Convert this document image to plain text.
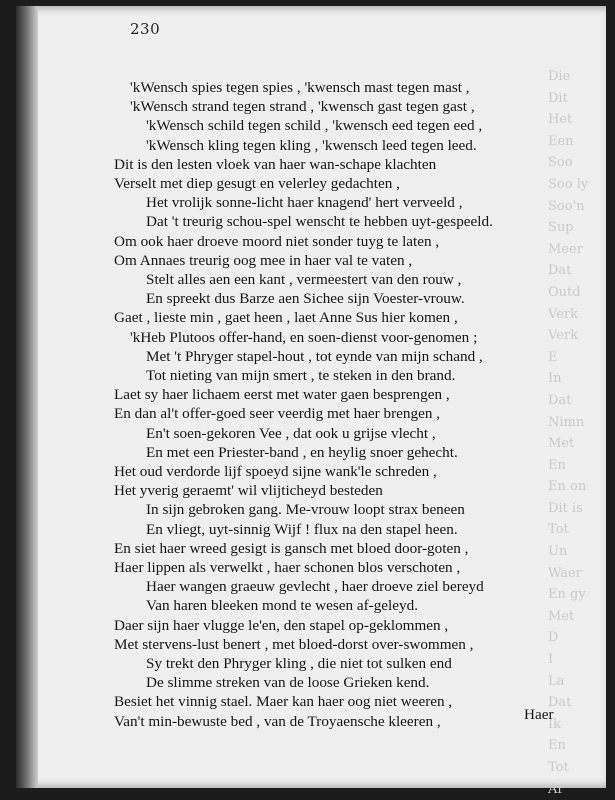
Die
Dit
Het
Een
Soo
Soo ly
Soo'n
Sup
Meer
Dat
Outd
Verk
Verk
E
In
Dat
Nimn
Met
En
En on
Dit is
Tot
Un
Waer
En gy
Met
D
I
La
Dat
Ik
En
Tot
Ar
230
'kWensch spies tegen spies , 'kwensch mast tegen mast ,
'kWensch strand tegen strand , 'kwensch gast tegen gast ,
'kWensch schild tegen schild , 'kwensch eed tegen eed ,
'kWensch kling tegen kling , 'kwensch leed tegen leed.
Dit is den lesten vloek van haer wan-schape klachten
Verselt met diep gesugt en velerley gedachten ,
Het vrolijk sonne-licht haer knagend' hert verveeld ,
Dat 't treurig schou-spel wenscht te hebben uyt-gespeeld.
Om ook haer droeve moord niet sonder tuyg te laten ,
Om Annaes treurig oog mee in haer val te vaten ,
Stelt alles aen een kant , vermeestert van den rouw ,
En spreekt dus Barze aen Sichee sijn Voester-vrouw.
Gaet , lieste min , gaet heen , laet Anne Sus hier komen ,
'kHeb Plutoos offer-hand, en soen-dienst voor-genomen ;
Met 't Phryger stapel-hout , tot eynde van mijn schand ,
Tot nieting van mijn smert , te steken in den brand.
Laet sy haer lichaem eerst met water gaen besprengen ,
En dan al't offer-goed seer veerdig met haer brengen ,
En't soen-gekoren Vee , dat ook u grijse vlecht ,
En met een Priester-band , en heylig snoer gehecht.
Het oud verdorde lijf spoeyd sijne wank'le schreden ,
Het yverig geraemt' wil vlijticheyd besteden
In sijn gebroken gang. Me-vrouw loopt strax beneen
En vliegt, uyt-sinnig Wijf ! flux na den stapel heen.
En siet haer wreed gesigt is gansch met bloed door-goten ,
Haer lippen als verwelkt , haer schonen blos verschoten ,
Haer wangen graeuw gevlecht , haer droeve ziel bereyd
Van haren bleeken mond te wesen af-geleyd.
Daer sijn haer vlugge le'en, den stapel op-geklommen ,
Met stervens-lust benert , met bloed-dorst over-swommen ,
Sy trekt den Phryger kling , die niet tot sulken end
De slimme streken van de loose Grieken kend.
Besiet het vinnig stael. Maer kan haer oog niet weeren ,
Van't min-bewuste bed , van de Troyaensche kleeren ,	Haer
